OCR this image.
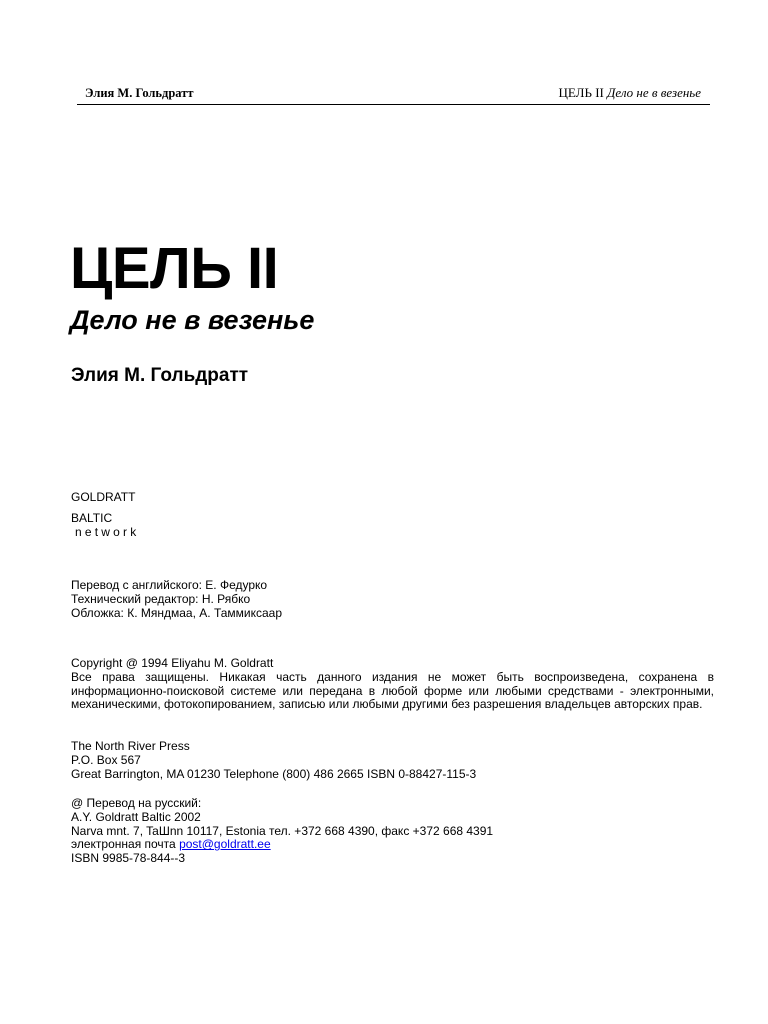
Элия М. Гольдратт	ЦЕЛЬ II Дело не в везенье
ЦЕЛЬ II
Дело не в везенье
Элия М. Гольдратт
GOLDRATT
BALTIC
network
Перевод с английского: Е. Федурко
Технический редактор: Н. Рябко
Обложка: К. Мяндмаа, А. Таммиксаар
Copyright @ 1994 Eliyahu M. Goldratt
Все права защищены. Никакая часть данного издания не может быть воспроизведена, сохранена в информационно-поисковой системе или передана в любой форме или любыми средствами - электронными, механическими, фотокопированием, записью или любыми другими без разрешения владельцев авторских прав.
The North River Press
P.O. Box 567
Great Barrington, MA 01230 Telephone (800) 486 2665 ISBN 0-88427-115-3
@ Перевод на русский:
A.Y. Goldratt Baltic 2002
Narva mnt. 7, TaШnn 10117, Estonia тел. +372 668 4390, факс +372 668 4391
электронная почта post@goldratt.ee
ISBN 9985-78-844--3
